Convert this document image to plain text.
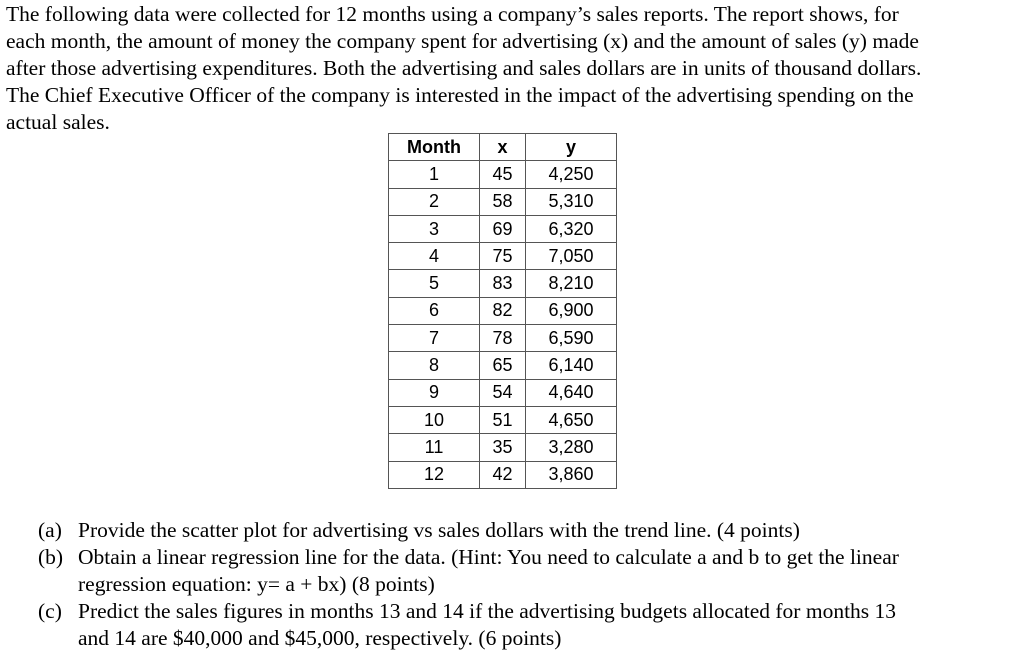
The following data were collected for 12 months using a company’s sales reports. The report shows, for
each month, the amount of money the company spent for advertising (x) and the amount of sales (y) made
after those advertising expenditures. Both the advertising and sales dollars are in units of thousand dollars.
The Chief Executive Officer of the company is interested in the impact of the advertising spending on the
actual sales.
Month	x	y
1	45	4,250
2	58	5,310
3	69	6,320
4	75	7,050
5	83	8,210
6	82	6,900
7	78	6,590
8	65	6,140
9	54	4,640
10	51	4,650
11	35	3,280
12	42	3,860
(a) Provide the scatter plot for advertising vs sales dollars with the trend line. (4 points)
(b) Obtain a linear regression line for the data. (Hint: You need to calculate a and b to get the linear
regression equation: y= a + bx) (8 points)
(c) Predict the sales figures in months 13 and 14 if the advertising budgets allocated for months 13
and 14 are $40,000 and $45,000, respectively. (6 points)
